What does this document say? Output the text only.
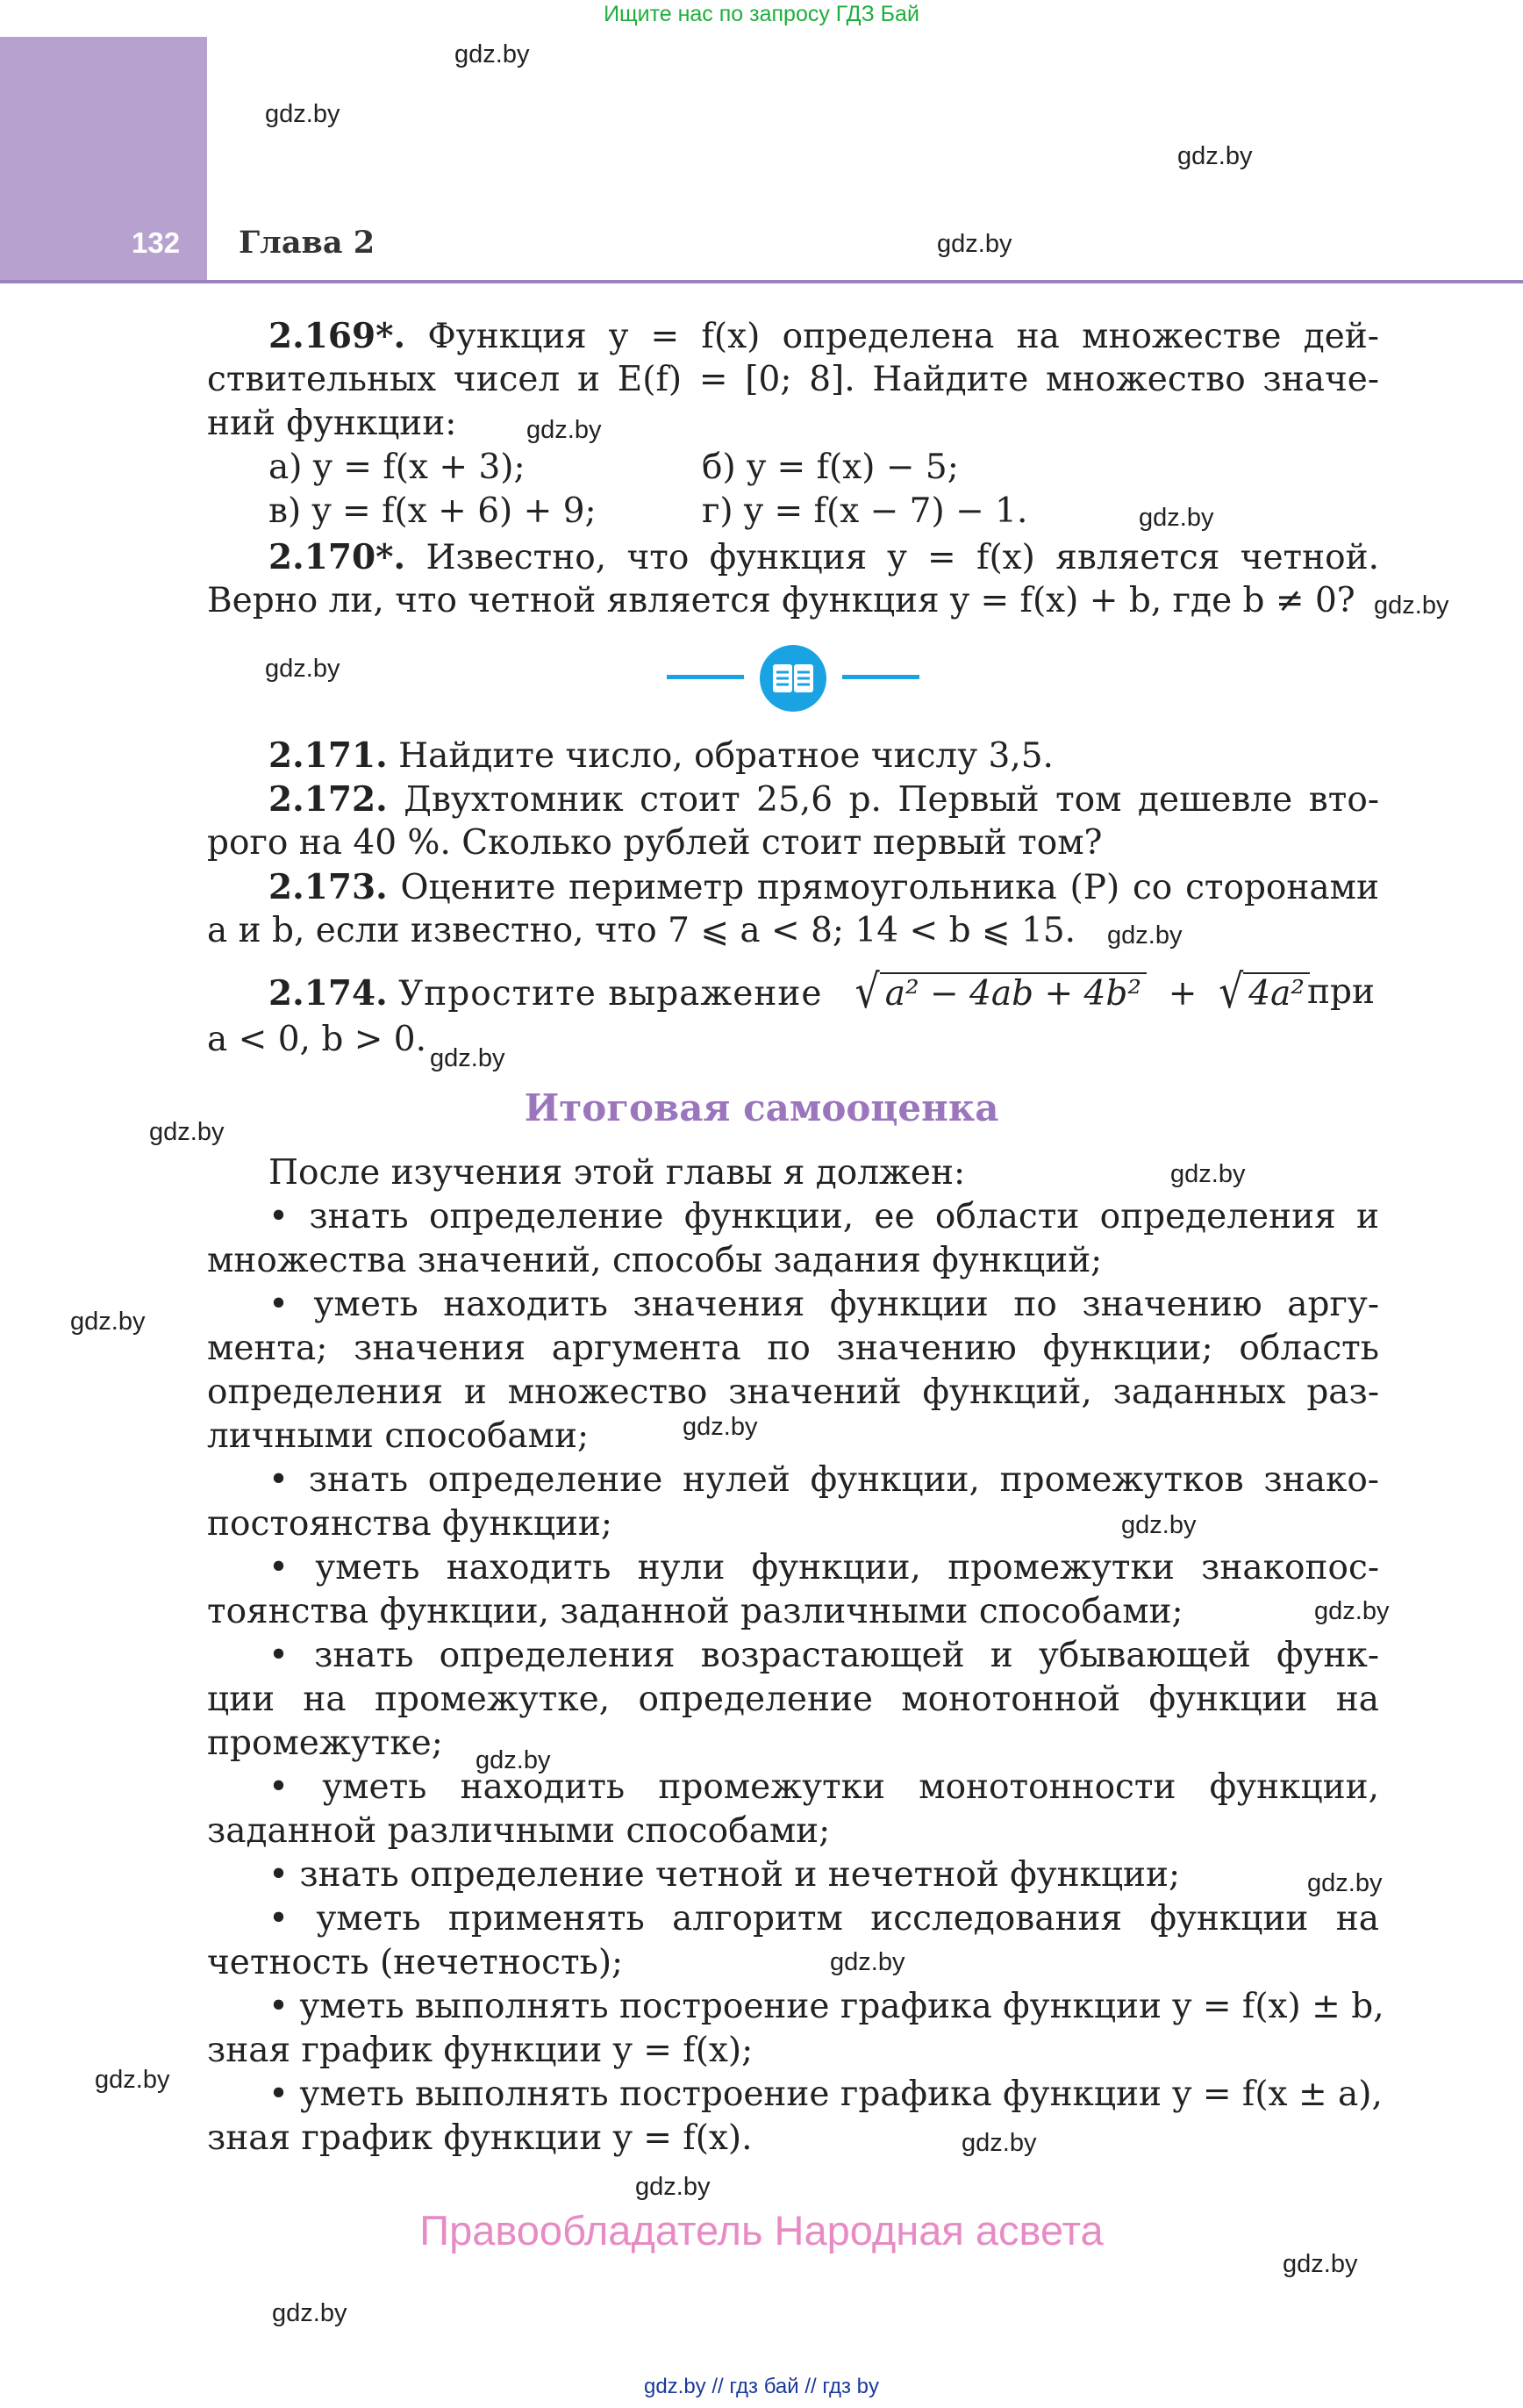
Ищите нас по запросу ГДЗ Бай
132 Глава 2
gdz.by
gdz.by
gdz.by
gdz.by
gdz.by
gdz.by
gdz.by
gdz.by
gdz.by
gdz.by
gdz.by
gdz.by
gdz.by
gdz.by
gdz.by
gdz.by
gdz.by
gdz.by
gdz.by
gdz.by
gdz.by
gdz.by
gdz.by
gdz.by
2.169*. Функция y = f(x) определена на множестве дей-
ствительных чисел и E(f) = [0; 8]. Найдите множество значе-
ний функции:
а) y = f(x + 3);	б) y = f(x) − 5;
в) y = f(x + 6) + 9;	г) y = f(x − 7) − 1.
2.170*. Известно, что функция y = f(x) является четной.
Верно ли, что четной является функция y = f(x) + b, где b ≠ 0?
2.171. Найдите число, обратное числу 3,5.
2.172. Двухтомник стоит 25,6 р. Первый том дешевле вто-
рого на 40 %. Сколько рублей стоит первый том?
2.173. Оцените периметр прямоугольника (P) со сторонами
a и b, если известно, что 7 ⩽ a < 8; 14 < b ⩽ 15.
2.174. Упростите выражение √ a² − 4ab + 4b² + √ 4a² при
a < 0, b > 0.
Итоговая самооценка
После изучения этой главы я должен:
• знать определение функции, ее области определения и
множества значений, способы задания функций;
• уметь находить значения функции по значению аргу-
мента; значения аргумента по значению функции; область
определения и множество значений функций, заданных раз-
личными способами;
• знать определение нулей функции, промежутков знако-
постоянства функции;
• уметь находить нули функции, промежутки знакопос-
тоянства функции, заданной различными способами;
• знать определения возрастающей и убывающей функ-
ции на промежутке, определение монотонной функции на
промежутке;
• уметь находить промежутки монотонности функции,
заданной различными способами;
• знать определение четной и нечетной функции;
• уметь применять алгоритм исследования функции на
четность (нечетность);
• уметь выполнять построение графика функции y = f(x) ± b,
зная график функции y = f(x);
• уметь выполнять построение графика функции y = f(x ± a),
зная график функции y = f(x).
Правообладатель Народная асвета
gdz.by // гдз бай // гдз by
